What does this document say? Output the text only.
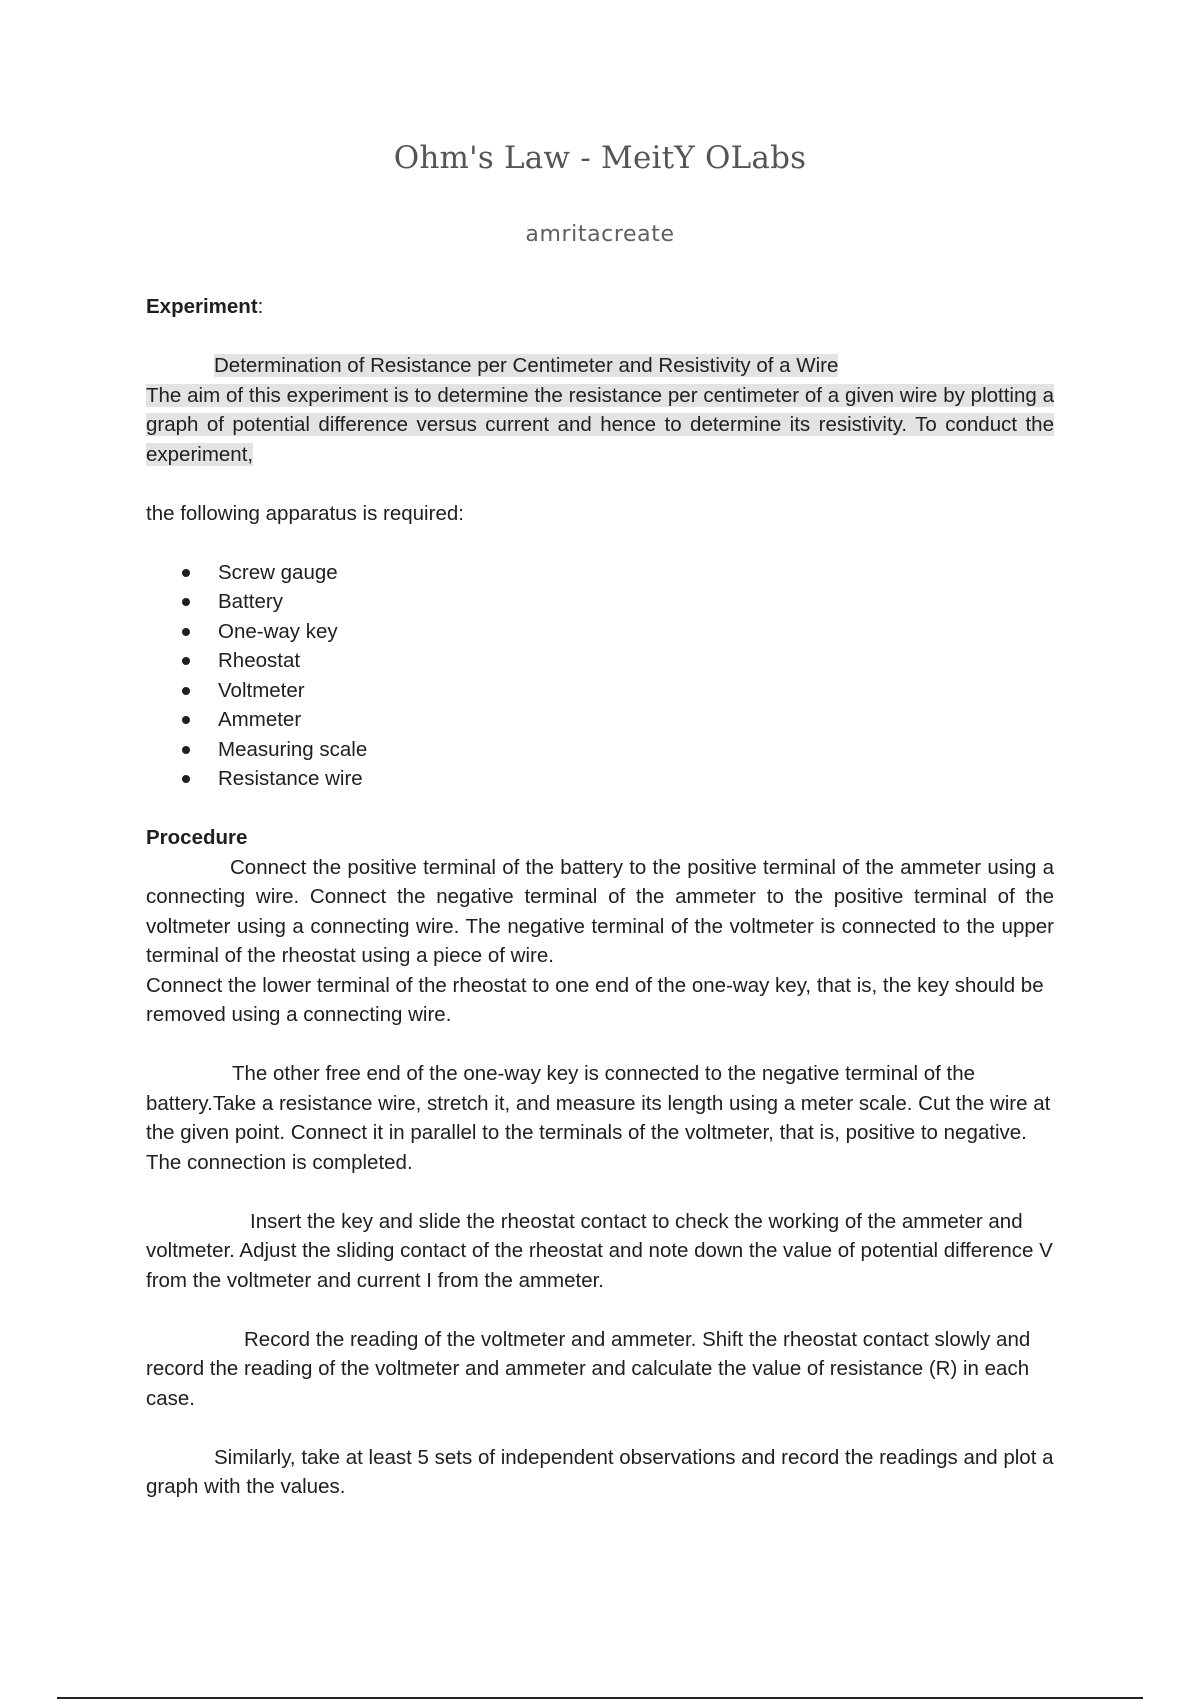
Ohm's Law - MeitY OLabs
amritacreate
Experiment:
Determination of Resistance per Centimeter and Resistivity of a Wire
The aim of this experiment is to determine the resistance per centimeter of a given wire by plotting a graph of potential difference versus current and hence to determine its resistivity. To conduct the experiment,
the following apparatus is required:
Screw gauge
Battery
One-way key
Rheostat
Voltmeter
Ammeter
Measuring scale
Resistance wire
Procedure
Connect the positive terminal of the battery to the positive terminal of the ammeter using a connecting wire. Connect the negative terminal of the ammeter to the positive terminal of the voltmeter using a connecting wire. The negative terminal of the voltmeter is connected to the upper terminal of the rheostat using a piece of wire.
Connect the lower terminal of the rheostat to one end of the one-way key, that is, the key should be removed using a connecting wire.
The other free end of the one-way key is connected to the negative terminal of the battery.Take a resistance wire, stretch it, and measure its length using a meter scale. Cut the wire at the given point. Connect it in parallel to the terminals of the voltmeter, that is, positive to negative. The connection is completed.
Insert the key and slide the rheostat contact to check the working of the ammeter and voltmeter. Adjust the sliding contact of the rheostat and note down the value of potential difference V from the voltmeter and current I from the ammeter.
Record the reading of the voltmeter and ammeter. Shift the rheostat contact slowly and record the reading of the voltmeter and ammeter and calculate the value of resistance (R) in each case.
Similarly, take at least 5 sets of independent observations and record the readings and plot a graph with the values.
